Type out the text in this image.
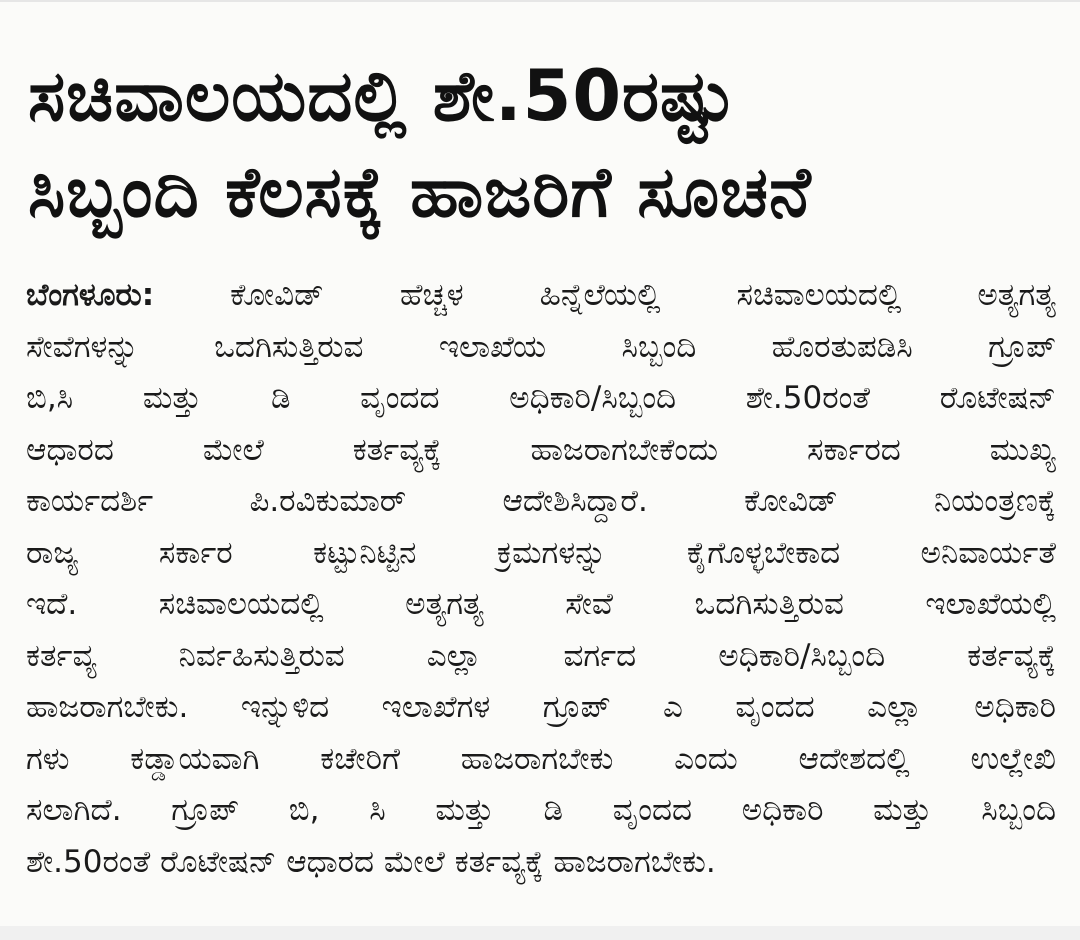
ಸಚಿವಾಲಯದಲ್ಲಿ ಶೇ.50ರಷ್ಟು
ಸಿಬ್ಬಂದಿ ಕೆಲಸಕ್ಕೆ ಹಾಜರಿಗೆ ಸೂಚನೆ
ಬೆಂಗಳೂರು: ಕೋವಿಡ್ ಹೆಚ್ಚಳ ಹಿನ್ನೆಲೆಯಲ್ಲಿ ಸಚಿವಾಲಯದಲ್ಲಿ ಅತ್ಯಗತ್ಯ
ಸೇವೆಗಳನ್ನು ಒದಗಿಸುತ್ತಿರುವ ಇಲಾಖೆಯ ಸಿಬ್ಬಂದಿ ಹೊರತುಪಡಿಸಿ ಗ್ರೂಪ್
ಬಿ,ಸಿ ಮತ್ತು ಡಿ ವೃಂದದ ಅಧಿಕಾರಿ/ಸಿಬ್ಬಂದಿ ಶೇ.50ರಂತೆ ರೊಟೇಷನ್
ಆಧಾರದ ಮೇಲೆ ಕರ್ತವ್ಯಕ್ಕೆ ಹಾಜರಾಗಬೇಕೆಂದು ಸರ್ಕಾರದ ಮುಖ್ಯ
ಕಾರ್ಯದರ್ಶಿ ಪಿ.ರವಿಕುಮಾರ್ ಆದೇಶಿಸಿದ್ದಾರೆ. ಕೋವಿಡ್ ನಿಯಂತ್ರಣಕ್ಕೆ
ರಾಜ್ಯ ಸರ್ಕಾರ ಕಟ್ಟುನಿಟ್ಟಿನ ಕ್ರಮಗಳನ್ನು ಕೈಗೊಳ್ಳಬೇಕಾದ ಅನಿವಾರ್ಯತೆ
ಇದೆ. ಸಚಿವಾಲಯದಲ್ಲಿ ಅತ್ಯಗತ್ಯ ಸೇವೆ ಒದಗಿಸುತ್ತಿರುವ ಇಲಾಖೆಯಲ್ಲಿ
ಕರ್ತವ್ಯ ನಿರ್ವಹಿಸುತ್ತಿರುವ ಎಲ್ಲಾ ವರ್ಗದ ಅಧಿಕಾರಿ/ಸಿಬ್ಬಂದಿ ಕರ್ತವ್ಯಕ್ಕೆ
ಹಾಜರಾಗಬೇಕು. ಇನ್ನುಳಿದ ಇಲಾಖೆಗಳ ಗ್ರೂಪ್ ಎ ವೃಂದದ ಎಲ್ಲಾ ಅಧಿಕಾರಿ
ಗಳು ಕಡ್ಡಾಯವಾಗಿ ಕಚೇರಿಗೆ ಹಾಜರಾಗಬೇಕು ಎಂದು ಆದೇಶದಲ್ಲಿ ಉಲ್ಲೇಖಿ
ಸಲಾಗಿದೆ. ಗ್ರೂಪ್ ಬಿ, ಸಿ ಮತ್ತು ಡಿ ವೃಂದದ ಅಧಿಕಾರಿ ಮತ್ತು ಸಿಬ್ಬಂದಿ
ಶೇ.50ರಂತೆ ರೊಟೇಷನ್ ಆಧಾರದ ಮೇಲೆ ಕರ್ತವ್ಯಕ್ಕೆ ಹಾಜರಾಗಬೇಕು.
